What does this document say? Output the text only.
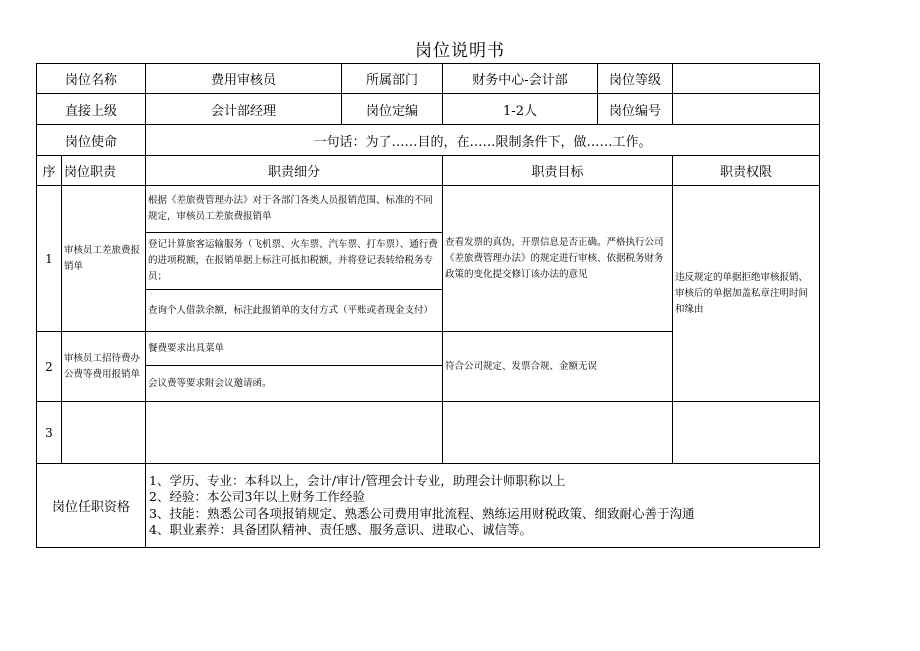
岗位说明书
岗位名称		费用审核员	所属部门	财务中心-会计部	岗位等级	
直接上级		会计部经理	岗位定编	1-2人	岗位编号	
岗位使命		一句话：为了……目的，在……限制条件下，做……工作。				
序	岗位职责	职责细分		职责目标		职责权限
1	审核员工差旅费报销单	根据《差旅费管理办法》对于各部门各类人员报销范围、标准的不同规定，审核员工差旅费报销单		查看发票的真伪，开票信息是否正确。严格执行公司《差旅费管理办法》的规定进行审核、依据税务财务政策的变化提交修订该办法的意见		违反规定的单据拒绝审核报销、审核后的单据加盖私章注明时间和缘由
		登记计算旅客运输服务（飞机票、火车票、汽车票、打车票）、通行费的进项税额，在报销单据上标注可抵扣税额，并将登记表转给税务专员；				
		查询个人借款余额，标注此报销单的支付方式（平账或者现金支付）				
2	审核员工招待费办公费等费用报销单	餐费要求出具菜单		符合公司规定、发票合规、金额无误		
		会议费等要求附会议邀请函。				
3						
岗位任职资格		1、学历、专业：本科以上，会计/审计/管理会计专业，助理会计师职称以上
2、经验：本公司3年以上财务工作经验
3、技能：熟悉公司各项报销规定、熟悉公司费用审批流程、熟练运用财税政策、细致耐心善于沟通
4、职业素养：具备团队精神、责任感、服务意识、进取心、诚信等。				
